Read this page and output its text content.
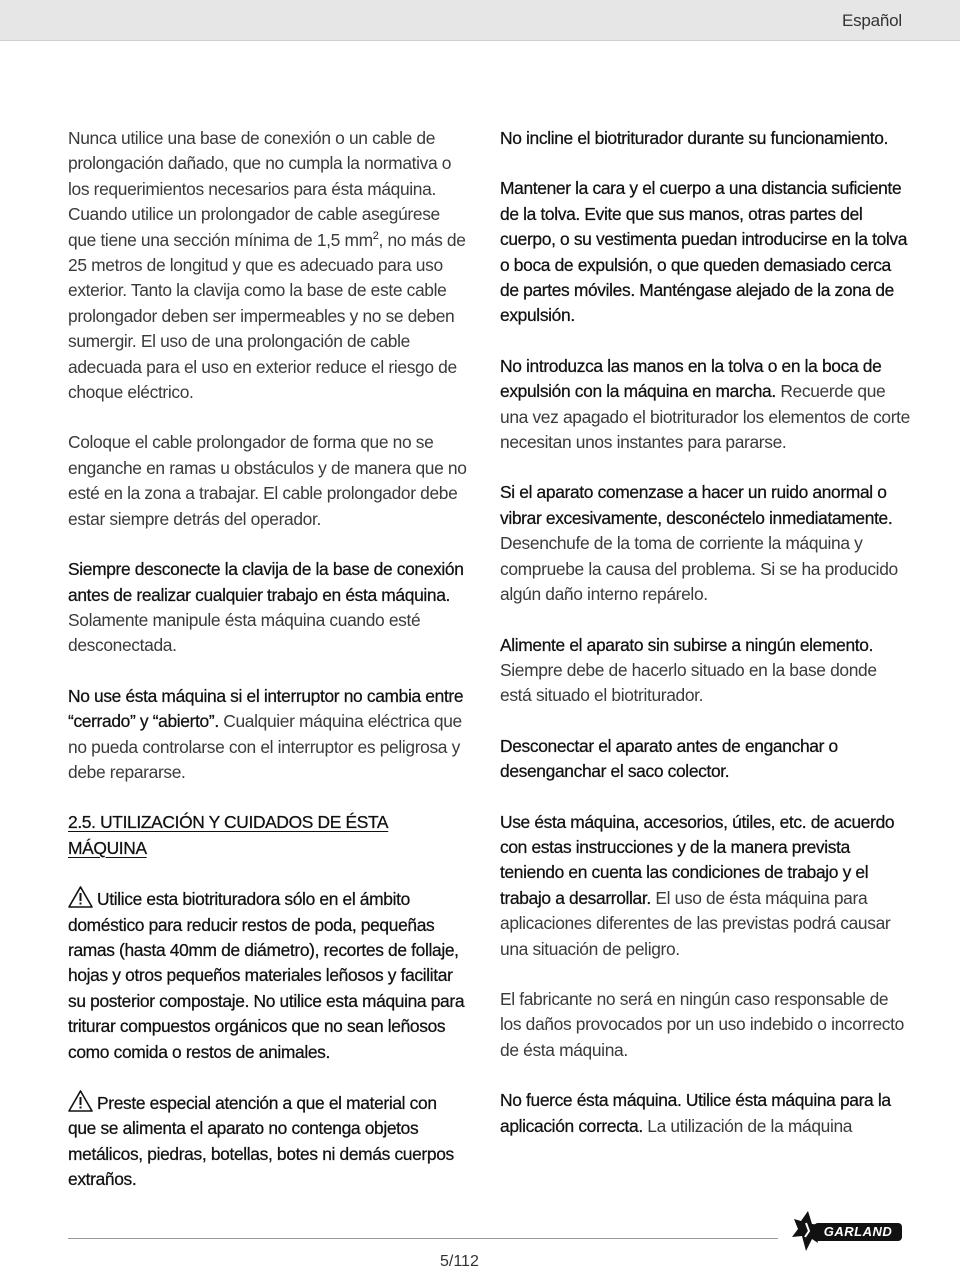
Español

Nunca utilice una base de conexión o un cable de prolongación dañado, que no cumpla la normativa o los requerimientos necesarios para ésta máquina. Cuando utilice un prolongador de cable asegúrese que tiene una sección mínima de 1,5 $mm^2$, no más de 25 metros de longitud y que es adecuado para uso exterior. Tanto la clavija como la base de este cable prolongador deben ser impermeables y no se deben sumergir. El uso de una prolongación de cable adecuada para el uso en exterior reduce el riesgo de choque eléctrico.

Coloque el cable prolongador de forma que no se enganche en ramas u obstáculos y de manera que no esté en la zona a trabajar. El cable prolongador debe estar siempre detrás del operador.

Siempre desconecte la clavija de la base de conexión antes de realizar cualquier trabajo en ésta máquina. Solamente manipule ésta máquina cuando esté desconectada.

No use ésta máquina si el interruptor no cambia entre “cerrado” y “abierto”. Cualquier máquina eléctrica que no pueda controlarse con el interruptor es peligrosa y debe repararse.

2.5. UTILIZACIÓN Y CUIDADOS DE ÉSTA MÁQUINA

Utilice esta biotrituradora sólo en el ámbito doméstico para reducir restos de poda, pequeñas ramas (hasta 40mm de diámetro), recortes de follaje, hojas y otros pequeños materiales leñosos y facilitar su posterior compostaje. No utilice esta máquina para triturar compuestos orgánicos que no sean leñosos como comida o restos de animales.

Preste especial atención a que el material con que se alimenta el aparato no contenga objetos metálicos, piedras, botellas, botes ni demás cuerpos extraños.

No incline el biotriturador durante su funcionamiento.

Mantener la cara y el cuerpo a una distancia suficiente de la tolva. Evite que sus manos, otras partes del cuerpo, o su vestimenta puedan introducirse en la tolva o boca de expulsión, o que queden demasiado cerca de partes móviles. Manténgase alejado de la zona de expulsión.

No introduzca las manos en la tolva o en la boca de expulsión con la máquina en marcha. Recuerde que una vez apagado el biotriturador los elementos de corte necesitan unos instantes para pararse.

Si el aparato comenzase a hacer un ruido anormal o vibrar excesivamente, desconéctelo inmediatamente. Desenchufe de la toma de corriente la máquina y compruebe la causa del problema. Si se ha producido algún daño interno repárelo.

Alimente el aparato sin subirse a ningún elemento. Siempre debe de hacerlo situado en la base donde está situado el biotriturador.

Desconectar el aparato antes de enganchar o desenganchar el saco colector.

Use ésta máquina, accesorios, útiles, etc. de acuerdo con estas instrucciones y de la manera prevista teniendo en cuenta las condiciones de trabajo y el trabajo a desarrollar. El uso de ésta máquina para aplicaciones diferentes de las previstas podrá causar una situación de peligro.

El fabricante no será en ningún caso responsable de los daños provocados por un uso indebido o incorrecto de ésta máquina.

No fuerce ésta máquina. Utilice ésta máquina para la aplicación correcta. La utilización de la máquina

5/112
GARLAND
